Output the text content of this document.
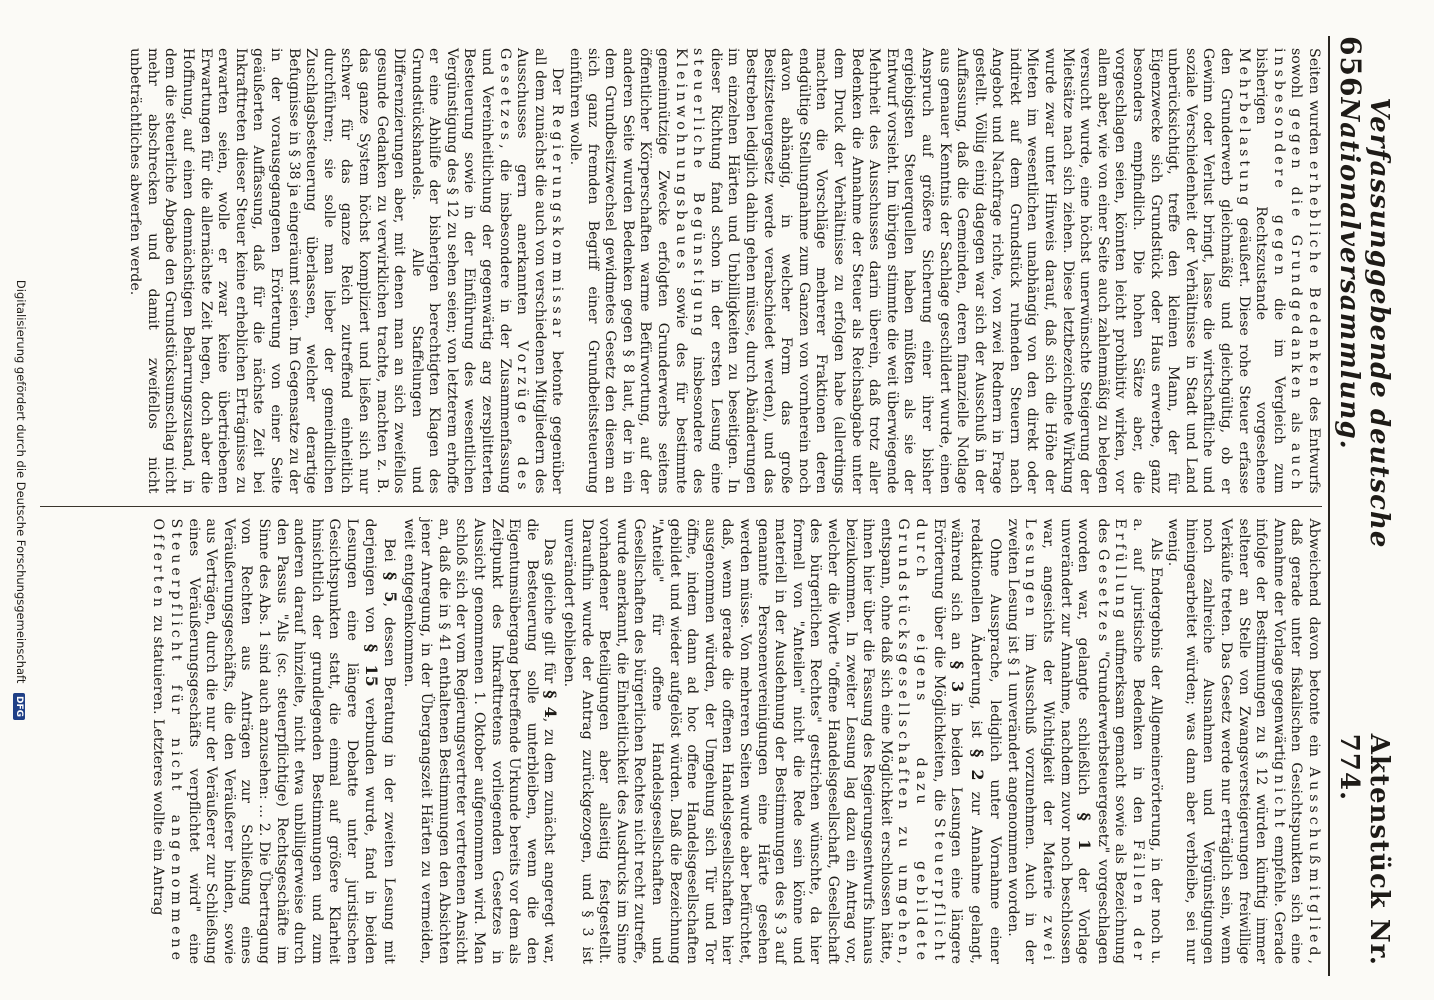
656
Verfassunggebende deutsche Nationalversammlung.
Aktenstück Nr. 774.

Seiten wurden erhebliche Bedenken des Entwurfs sowohl gegen die Grundgedanken als auch insbesondere gegen die im Vergleich zum bisherigen Rechtszustande vorgesehene Mehrbelastung geäußert. Diese rohe Steuer erfasse den Grunderwerb gleichmäßig und gleichgültig, ob er Gewinn oder Verlust bringt, lasse die wirtschaftliche und soziale Verschiedenheit der Verhältnisse in Stadt und Land unberücksichtigt, treffe den kleinen Mann, der für Eigenzwecke sich Grundstück oder Haus erwerbe, ganz besonders empfindlich. Die hohen Sätze aber, die vorgeschlagen seien, könnten leicht prohibitiv wirken, vor allem aber, wie von einer Seite auch zahlenmäßig zu belegen versucht wurde, eine höchst unerwünschte Steigerung der Mietsätze nach sich ziehen. Diese letztbezeichnete Wirkung wurde zwar unter Hinweis darauf, daß sich die Höhe der Mieten im wesentlichen unabhängig von den direkt oder indirekt auf dem Grundstück ruhenden Steuern nach Angebot und Nachfrage richte, von zwei Rednern in Frage gestellt. Völlig einig dagegen war sich der Ausschuß in der Auffassung, daß die Gemeinden, deren finanzielle Notlage aus genauer Kenntnis der Sachlage geschildert wurde, einen Anspruch auf größere Sicherung einer ihrer bisher ergiebigsten Steuerquellen haben müßten als sie der Entwurf vorsieht. Im übrigen stimmte die weit überwiegende Mehrheit des Ausschusses darin überein, daß trotz aller Bedenken die Annahme der Steuer als Reichsabgabe unter dem Druck der Verhältnisse zu erfolgen habe (allerdings machten die Vorschläge mehrerer Fraktionen deren endgültige Stellungnahme zum Ganzen von vornherein noch davon abhängig, in welcher Form das große Besitzsteuergesetz werde verabschiedet werden), und das Bestreben lediglich dahin gehen müsse, durch Abänderungen im einzelnen Härten und Unbilligkeiten zu beseitigen. In dieser Richtung fand schon in der ersten Lesung eine steuerliche Begünstigung insbesondere des Kleinwohnungsbaues sowie des für bestimmte gemeinnützige Zwecke erfolgten Grunderwerbs seitens öffentlicher Körperschaften warme Befürwortung, auf der anderen Seite wurden Bedenken gegen § 8 laut, der in ein dem Grundbesitzwechsel gewidmetes Gesetz den diesem an sich ganz fremden Begriff einer Grundbeitssteuerung einführen wolle.

Der Regierungskommissar betonte gegenüber all dem zunächst die auch von verschiedenen Mitgliedern des Ausschusses gern anerkannten Vorzüge des Gesetzes, die insbesondere in der Zusammenfassung und Vereinheitlichung der gegenwärtig arg zersplitterten Besteuerung sowie in der Einführung des wesentlichen Vergünstigung des § 12 zu sehen seien; von letzterem erhoffe er eine Abhilfe der bisherigen berechtigten Klagen des Grundstückshandels. Alle Staffelungen und Differenzierungen aber, mit denen man an sich zweifellos gesunde Gedanken zu verwirklichen trachte, machten z. B. das ganze System höchst kompliziert und ließen sich nur schwer für das ganze Reich zutreffend einheitlich durchführen; sie solle man lieber der gemeindlichen Zuschlagsbesteuerung überlassen, welcher derartige Befugnisse in § 38 ja eingeräumt seien. Im Gegensatze zu der in der vorausgegangenen Erörterung von einer Seite geäußerten Auffassung, daß für die nächste Zeit bei Inkrafttreten dieser Steuer keine erheblichen Erträgnisse zu erwarten seien, wolle er zwar keine übertriebenen Erwartungen für die allernächste Zeit hegen, doch aber die Hoffnung, auf einen demnächstigen Beharrungszustand, in dem die steuerliche Abgabe den Grundstücksumschlag nicht mehr abschrecken und damit zweifellos nicht unbeträchtliches abwerfen werde.

Abweichend davon betonte ein Ausschußmitglied, daß gerade unter fiskalischen Gesichtspunkten sich eine Annahme der Vorlage gegenwärtig nicht empfehle. Gerade infolge der Bestimmungen zu § 12 würden künftig immer seltener an Stelle von Zwangsversteigerungen freiwillige Verkäufe treten. Das Gesetz werde nur erträglich sein, wenn noch zahlreiche Ausnahmen und Vergünstigungen hineingearbeitet würden; was dann aber verbleibe, sei nur wenig.

Als Endergebnis der Allgemeinerörterung, in der noch u. a. auf juristische Bedenken in den Fällen der Erfüllung aufmerksam gemacht sowie als Bezeichnung des Gesetzes "Grunderwerbsteuergesetz" vorgeschlagen worden war, gelangte schließlich § 1 der Vorlage unverändert zur Annahme, nachdem zuvor noch beschlossen war, angesichts der Wichtigkeit der Materie zwei Lesungen im Ausschuß vorzunehmen. Auch in der zweiten Lesung ist § 1 unverändert angenommen worden.

Ohne Aussprache, lediglich unter Vornahme einer redaktionellen Änderung, ist § 2 zur Annahme gelangt, während sich an § 3 in beiden Lesungen eine längere Erörterung über die Möglichkeiten, die Steuerpflicht durch eigens dazu gebildete Grundstücksgesellschaften zu umgehen, entspann, ohne daß sich eine Möglichkeit erschlossen hätte, ihnen hier über die Fassung des Regierungsentwurfs hinaus beizukommen. In zweiter Lesung lag dazu ein Antrag vor, welcher die Worte "offene Handelsgesellschaft, Gesellschaft des bürgerlichen Rechtes" gestrichen wünschte, da hier formell von "Anteilen" nicht die Rede sein könne und materiell in der Ausdehnung der Bestimmungen des § 3 auf genannte Personenvereinigungen eine Härte gesehen werden müsse. Von mehreren Seiten wurde aber befürchtet, daß, wenn gerade die offenen Handelsgesellschaften hier ausgenommen würden, der Umgehung sich Tür und Tor öffne, indem dann ad hoc offene Handelsgesellschaften gebildet und wieder aufgelöst würden. Daß die Bezeichnung "Anteile" für offene Handelsgesellschaften und Gesellschaften des bürgerlichen Rechtes nicht recht zutreffe, wurde anerkannt, die Einheitlichkeit des Ausdrucks im Sinne vorhandener Beteiligungen aber allseitig festgestellt. Daraufhin wurde der Antrag zurückgezogen, und § 3 ist unverändert geblieben.

Das gleiche gilt für § 4, zu dem zunächst angeregt war, die Besteuerung solle unterbleiben, wenn die den Eigentumsübergang betreffende Urkunde bereits vor dem als Zeitpunkt des Inkrafttretens vorliegenden Gesetzes in Aussicht genommenen 1. Oktober aufgenommen wird. Man schloß sich der vom Regierungsvertreter vertretenen Ansicht an, daß die in § 41 enthaltenen Bestimmungen den Absichten jener Anregung, in der Übergangszeit Härten zu vermeiden, weit entgegenkommen.

Bei § 5, dessen Beratung in der zweiten Lesung mit derjenigen von § 15 verbunden wurde, fand in beiden Lesungen eine längere Debatte unter juristischen Gesichtspunkten statt, die einmal auf größere Klarheit hinsichtlich der grundlegenden Bestimmungen und zum anderen darauf hinzielte, nicht etwa unbilligerweise durch den Passus "Als (sc. steuerpflichtige) Rechtsgeschäfte im Sinne des Abs. 1 sind auch anzusehen: ... 2. Die Übertragung von Rechten aus Anträgen zur Schließung eines Veräußerungsgeschäfts, die den Veräußerer binden, sowie aus Verträgen, durch die nur der Veräußerer zur Schließung eines Veräußerungsgeschäfts verpflichtet wird" eine Steuerpflicht für nicht angenommene Offerten zu statuieren. Letzteres wollte ein Antrag

Digitalisierung gefördert durch die Deutsche Forschungsgemeinschaft DFG
